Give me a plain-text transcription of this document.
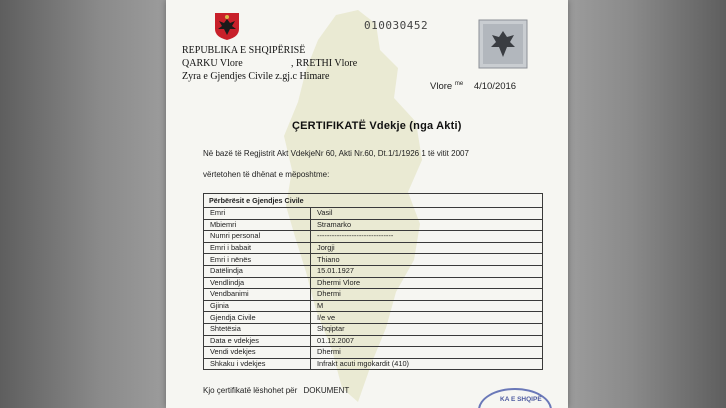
010030452
REPUBLIKA E SHQIPËRISË
QARKU Vlore	, RRETHI Vlore
Zyra e Gjendjes Civile z.gj.c Himare
Vlore $^{me}$ 4/10/2016
ÇERTIFIKATË Vdekje (nga Akti)
Në bazë të Regjistrit Akt VdekjeNr 60, Akti Nr.60, Dt.1/1/1926 1 të vitit 2007
vërtetohen të dhënat e mëposhtme:
Përbërësit e Gjendjes Civile	
Emri	Vasil
Mbiemri	Stramarko
Numri personal	-------------------------------
Emri i babait	Jorgji
Emri i nënës	Thiano
Datëlindja	15.01.1927
Vendlindja	Dhermi Vlore
Vendbanimi	Dhermi
Gjinia	M
Gjendja Civile	I/e ve
Shtetësia	Shqiptar
Data e vdekjes	01.12.2007
Vendi vdekjes	Dhermi
Shkaku i vdekjes	Infrakt acuti mgokardit (410)
Kjo çertifikatë lëshohet për DOKUMENT
KA E SHQIPË
